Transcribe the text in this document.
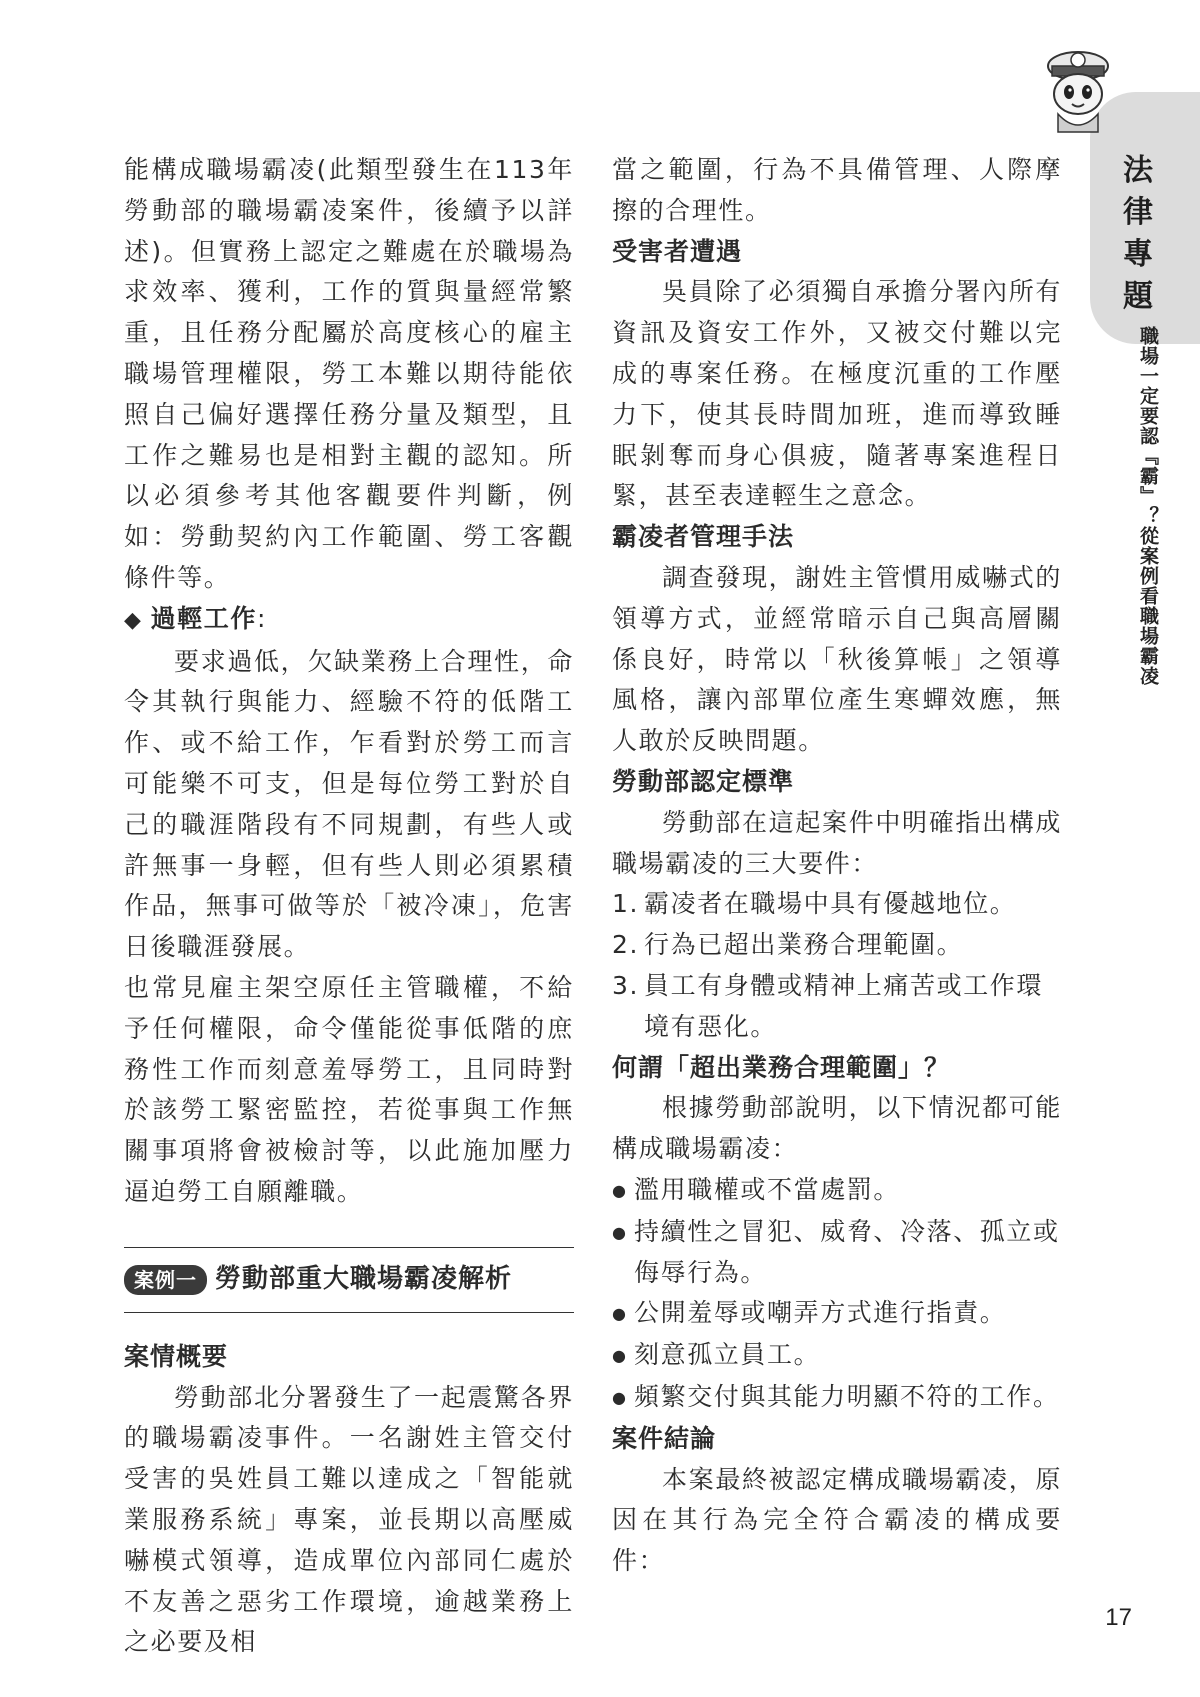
法
律
專
題
職場一定要認『霸』？從案例看職場霸凌

能構成職場霸凌(此類型發生在113年勞動部的職場霸凌案件，後續予以詳述)。但實務上認定之難處在於職場為求效率、獲利，工作的質與量經常繁重，且任務分配屬於高度核心的雇主職場管理權限，勞工本難以期待能依照自己偏好選擇任務分量及類型，且工作之難易也是相對主觀的認知。所以必須參考其他客觀要件判斷，例如：勞動契約內工作範圍、勞工客觀條件等。

◆ 過輕工作:

要求過低，欠缺業務上合理性，命令其執行與能力、經驗不符的低階工作、或不給工作，乍看對於勞工而言可能樂不可支，但是每位勞工對於自己的職涯階段有不同規劃，有些人或許無事一身輕，但有些人則必須累積作品，無事可做等於「被冷凍」，危害日後職涯發展。

也常見雇主架空原任主管職權，不給予任何權限，命令僅能從事低階的庶務性工作而刻意羞辱勞工，且同時對於該勞工緊密監控，若從事與工作無關事項將會被檢討等，以此施加壓力逼迫勞工自願離職。

案例一 勞動部重大職場霸凌解析

案情概要

勞動部北分署發生了一起震驚各界的職場霸凌事件。一名謝姓主管交付受害的吳姓員工難以達成之「智能就業服務系統」專案，並長期以高壓威嚇模式領導，造成單位內部同仁處於不友善之惡劣工作環境，逾越業務上之必要及相

當之範圍，行為不具備管理、人際摩擦的合理性。

受害者遭遇

吳員除了必須獨自承擔分署內所有資訊及資安工作外，又被交付難以完成的專案任務。在極度沉重的工作壓力下，使其長時間加班，進而導致睡眠剝奪而身心俱疲，隨著專案進程日緊，甚至表達輕生之意念。

霸凌者管理手法

調查發現，謝姓主管慣用威嚇式的領導方式，並經常暗示自己與高層關係良好，時常以「秋後算帳」之領導風格，讓內部單位產生寒蟬效應，無人敢於反映問題。

勞動部認定標準

勞動部在這起案件中明確指出構成職場霸凌的三大要件：

1. 霸凌者在職場中具有優越地位。
2. 行為已超出業務合理範圍。
3. 員工有身體或精神上痛苦或工作環境有惡化。

何謂「超出業務合理範圍」？

根據勞動部說明，以下情況都可能構成職場霸凌：

● 濫用職權或不當處罰。
● 持續性之冒犯、威脅、冷落、孤立或侮辱行為。
● 公開羞辱或嘲弄方式進行指責。
● 刻意孤立員工。
● 頻繁交付與其能力明顯不符的工作。

案件結論

本案最終被認定構成職場霸凌，原因在其行為完全符合霸凌的構成要件：

17
